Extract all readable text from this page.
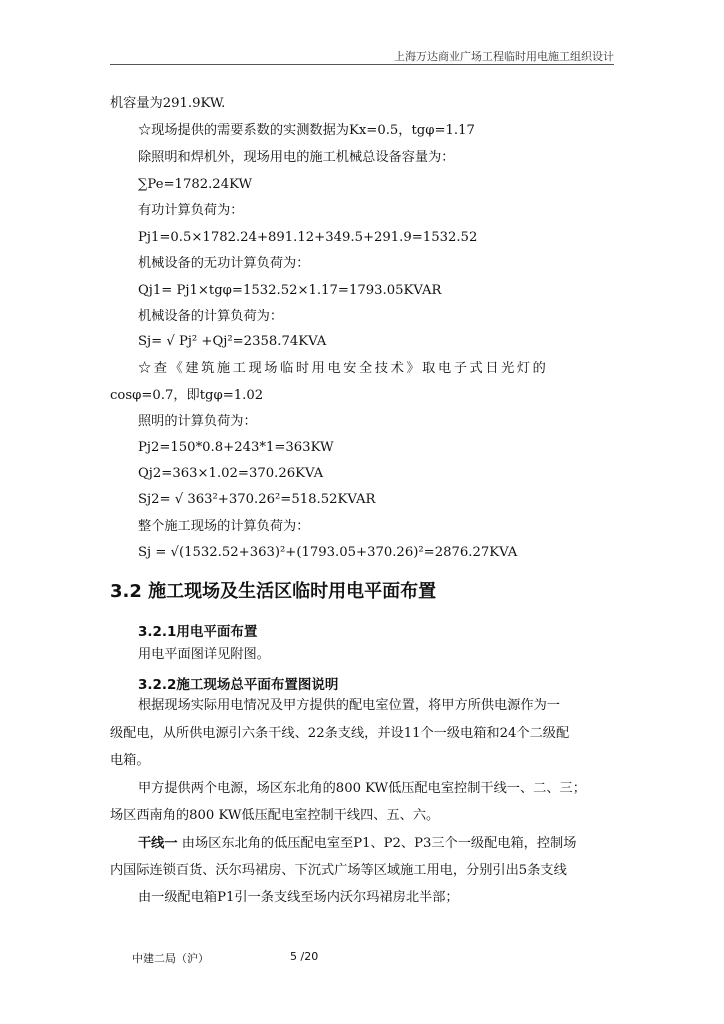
上海万达商业广场工程临时用电施工组织设计
机容量为291.9KW.
☆现场提供的需要系数的实测数据为Kx=0.5，tgφ=1.17
除照明和焊机外，现场用电的施工机械总设备容量为：
∑Pe=1782.24KW
有功计算负荷为：
Pj1=0.5×1782.24+891.12+349.5+291.9=1532.52
机械设备的无功计算负荷为：
Qj1= Pj1×tgφ=1532.52×1.17=1793.05KVAR
机械设备的计算负荷为：
Sj= √ Pj² +Qj²=2358.74KVA
☆查《建筑施工现场临时用电安全技术》取电子式日光灯的
cosφ=0.7，即tgφ=1.02
照明的计算负荷为：
Pj2=150*0.8+243*1=363KW
Qj2=363×1.02=370.26KVA
Sj2= √ 363²+370.26²=518.52KVAR
整个施工现场的计算负荷为：
Sj = √(1532.52+363)²+(1793.05+370.26)²=2876.27KVA
3.2 施工现场及生活区临时用电平面布置
3.2.1用电平面布置
用电平面图详见附图。
3.2.2施工现场总平面布置图说明
根据现场实际用电情况及甲方提供的配电室位置，将甲方所供电源作为一
级配电，从所供电源引六条干线、22条支线，并设11个一级电箱和24个二级配
电箱。
甲方提供两个电源，场区东北角的800 KW低压配电室控制干线一、二、三；
场区西南角的800 KW低压配电室控制干线四、五、六。
干线一 由场区东北角的低压配电室至P1、P2、P3三个一级配电箱，控制场
内国际连锁百货、沃尔玛裙房、下沉式广场等区域施工用电，分别引出5条支线
由一级配电箱P1引一条支线至场内沃尔玛裙房北半部；
中建二局（沪）	5 /20
